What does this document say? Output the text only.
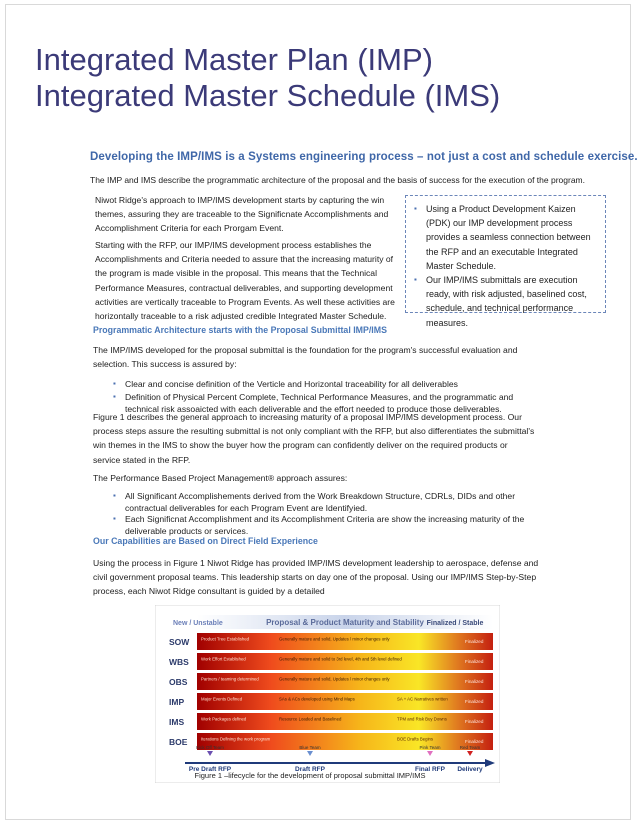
Integrated Master Plan (IMP)
Integrated Master Schedule (IMS)
Developing the IMP/IMS is a Systems engineering process – not just a cost and schedule exercise.
The IMP and IMS describe the programmatic architecture of the proposal and the basis of success for the execution of the program.
Niwot Ridge's approach to IMP/IMS development starts by capturing the win
themes, assuring they are traceable to the Significnate Accomplishments and
Accomplishment Criteria for each Prorgam Event.
Starting with the RFP, our IMP/IMS development process establishes the
Accomplishments and Criteria needed to assure that the increasing maturity of
the program is made visible in the proposal. This means that the Technical
Performance Measures, contractual deliverables, and supporting development
activities are vertically traceable to Program Events. As well these activities are
horizontally traceable to a risk adjusted credible Integrated Master Schedule.
▪ Using a Product Development Kaizen (PDK) our IMP development process provides a seamless connection between the RFP and an executable Integrated Master Schedule.
▪ Our IMP/IMS submittals are execution ready, with risk adjusted, baselined cost, schedule, and technical performance measures.
Programmatic Architecture starts with the Proposal Submittal IMP/IMS
The IMP/IMS developed for the proposal submittal is the foundation for the program's successful evaluation and
selection. This success is assured by:
▪ Clear and concise definition of the Verticle and Horizontal traceability for all deliverables
▪ Definition of Physical Percent Complete, Technical Performance Measures, and the programmatic and technical risk assoaicted with each deliverable and the effort needed to produce those deliverables.
Figure 1 describes the general approach to increasing maturity of a proposal IMP/IMS development process. Our
process steps assure the resulting submittal is not only compliant with the RFP, but also differentiates the submittal's
win themes in the IMS to show the buyer how the program can confidently deliver on the required products or
service stated in the RFP.
The Performance Based Project Management® approach assures:
▪ All Significant Accomplishements derived from the Work Breakdown Structure, CDRLs, DIDs and other contractual deliverables for each Program Event are Identifyied.
▪ Each Significnat Accomplishment and its Accomplishment Criteria are show the increasing maturity of the deliverable products or services.
Our Capabilities are Based on Direct Field Experience
Using the process in Figure 1 Niwot Ridge has provided IMP/IMS development leadership to aerospace, defense and
civil government proposal teams. This leadership starts on day one of the proposal. Using our IMP/IMS Step-by-Step
process, each Niwot Ridge consultant is guided by a detailed
New / Unstable	Proposal & Product Maturity and Stability Finalized / Stable
SOW	Product Tree Established	Generally mature and solid, Updates / minor changes only	Finalized
WBS	Work Effort Established	Generally mature and solid to 3rd level, 4th and 5th level defined	Finalized
OBS	Partners / teaming determined	Generally mature and solid, Updates / minor changes only	Finalized
IMP	Major Events Defined	SAs & ACs developed using Mind Maps	SA + AC Narratives written	Finalized
IMS	Work Packages defined	Resource Loaded and Baselined	TPM and Risk Buy Downs	Finalized
BOE	Iterations Defining the work program	BOE Drafts Begins	Finalized
Kick Off Team	Blue Team	Pink Team	Red Team
Pre Draft RFP	Draft RFP	Final RFP Delivery
Figure 1 –lifecycle for the development of proposal submittal IMP/IMS
